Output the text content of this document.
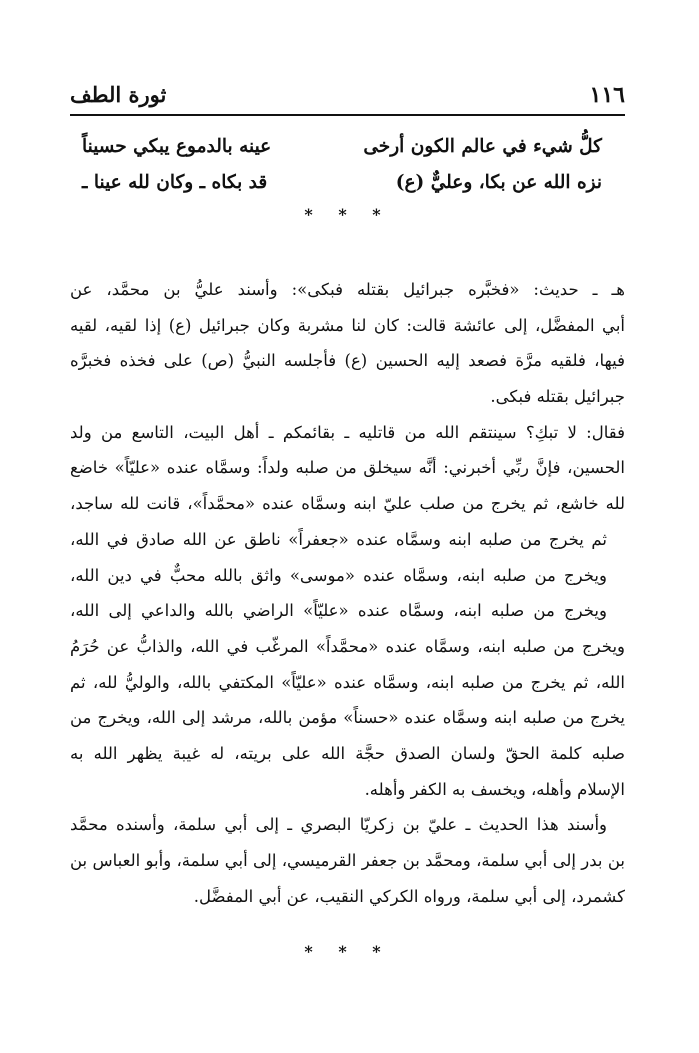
١١٦
ثورة الطف
كلُّ شيء في عالم الكون أرخى
عينه بالدموع يبكي حسيناً
نزه الله عن بكا، وعليٌّ (ع)
قد بكاه ـ وكان لله عينا ـ
* * *
هـ ـ حديث: «فخبَّره جبرائيل بقتله فبكى»: وأسند عليُّ بن محمَّد، عن
أبي المفضَّل، إلى عائشة قالت: كان لنا مشربة وكان جبرائيل (ع) إذا لقيه، لقيه
فيها، فلقيه مرَّة فصعد إليه الحسين (ع) فأجلسه النبيُّ (ص) على فخذه فخبرَّه
جبرائيل بقتله فبكى.
فقال: لا تبكِ؟ سينتقم الله من قاتليه ـ بقائمكم ـ أهل البيت، التاسع من ولد
الحسين، فإنَّ ربِّي أخبرني: أنَّه سيخلق من صلبه ولداً: وسمَّاه عنده «عليّاً» خاضع
لله خاشع، ثم يخرج من صلب عليّ ابنه وسمَّاه عنده «محمَّداً»، قانت لله ساجد،
ثم يخرج من صلبه ابنه وسمَّاه عنده «جعفراً» ناطق عن الله صادق في الله،
ويخرج من صلبه ابنه، وسمَّاه عنده «موسى» واثق بالله محبٌّ في دين الله،
ويخرج من صلبه ابنه، وسمَّاه عنده «عليّاً» الراضي بالله والداعي إلى الله،
ويخرج من صلبه ابنه، وسمَّاه عنده «محمَّداً» المرغّب في الله، والذابُّ عن حُرَمُ
الله، ثم يخرج من صلبه ابنه، وسمَّاه عنده «عليّاً» المكتفي بالله، والوليُّ لله، ثم
يخرج من صلبه ابنه وسمَّاه عنده «حسناً» مؤمن بالله، مرشد إلى الله، ويخرج من
صلبه كلمة الحقّ ولسان الصدق حجَّة الله على بريته، له غيبة يظهر الله به
الإسلام وأهله، ويخسف به الكفر وأهله.
وأسند هذا الحديث ـ عليّ بن زكريّا البصري ـ إلى أبي سلمة، وأسنده محمَّد
بن بدر إلى أبي سلمة، ومحمَّد بن جعفر القرميسي، إلى أبي سلمة، وأبو العباس بن
كشمرد، إلى أبي سلمة، ورواه الكركي النقيب، عن أبي المفضَّل.
* * *
